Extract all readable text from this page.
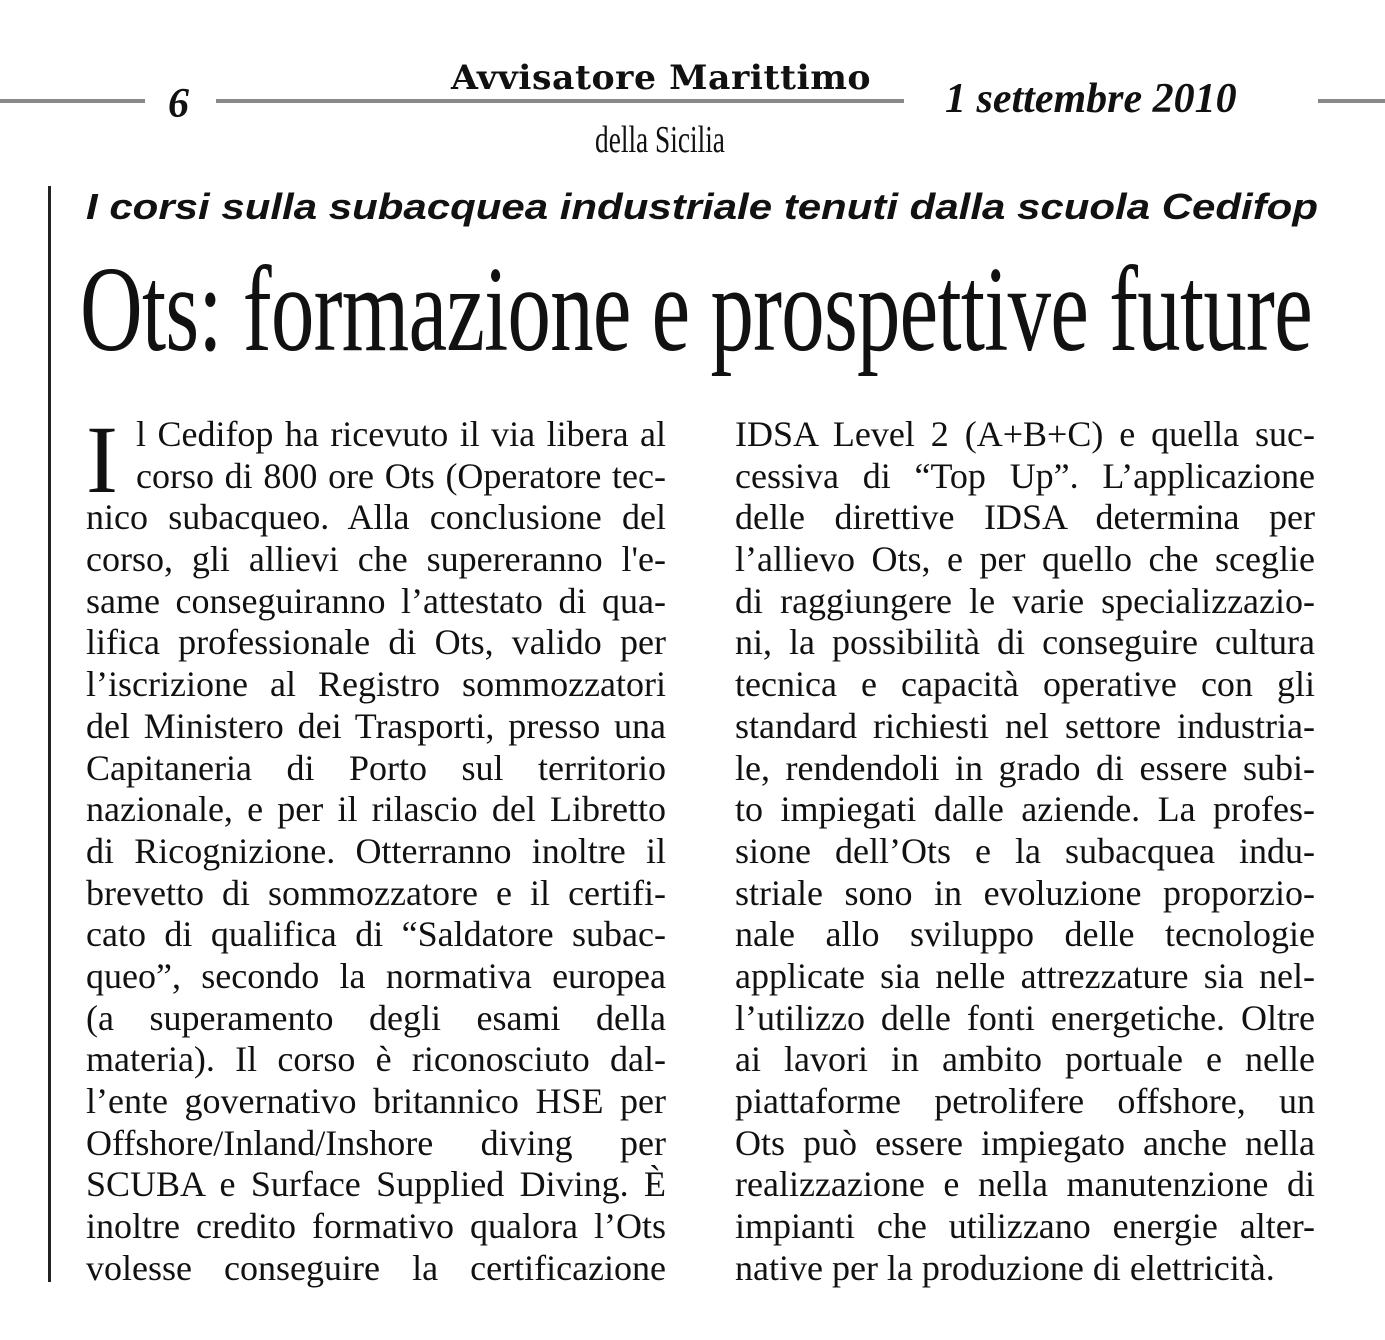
6
Avvisatore Marittimo
della Sicilia
1 settembre 2010
I corsi sulla subacquea industriale tenuti dalla scuola Cedifop
Ots: formazione e prospettive future
l Cedifop ha ricevuto il via libera al
corso di 800 ore Ots (Operatore tec-
nico subacqueo. Alla conclusione del
corso, gli allievi che supereranno l'e-
same conseguiranno l’attestato di qua-
lifica professionale di Ots, valido per
l’iscrizione al Registro sommozzatori
del Ministero dei Trasporti, presso una
Capitaneria di Porto sul territorio
nazionale, e per il rilascio del Libretto
di Ricognizione. Otterranno inoltre il
brevetto di sommozzatore e il certifi-
cato di qualifica di “Saldatore subac-
queo”, secondo la normativa europea
(a superamento degli esami della
materia). Il corso è riconosciuto dal-
l’ente governativo britannico HSE per
Offshore/Inland/Inshore diving per
SCUBA e Surface Supplied Diving. È
inoltre credito formativo qualora l’Ots
volesse conseguire la certificazione
I	IDSA Level 2 (A+B+C) e quella suc-
cessiva di “Top Up”. L’applicazione
delle direttive IDSA determina per
l’allievo Ots, e per quello che sceglie
di raggiungere le varie specializzazio-
ni, la possibilità di conseguire cultura
tecnica e capacità operative con gli
standard richiesti nel settore industria-
le, rendendoli in grado di essere subi-
to impiegati dalle aziende. La profes-
sione dell’Ots e la subacquea indu-
striale sono in evoluzione proporzio-
nale allo sviluppo delle tecnologie
applicate sia nelle attrezzature sia nel-
l’utilizzo delle fonti energetiche. Oltre
ai lavori in ambito portuale e nelle
piattaforme petrolifere offshore, un
Ots può essere impiegato anche nella
realizzazione e nella manutenzione di
impianti che utilizzano energie alter-
native per la produzione di elettricità.
